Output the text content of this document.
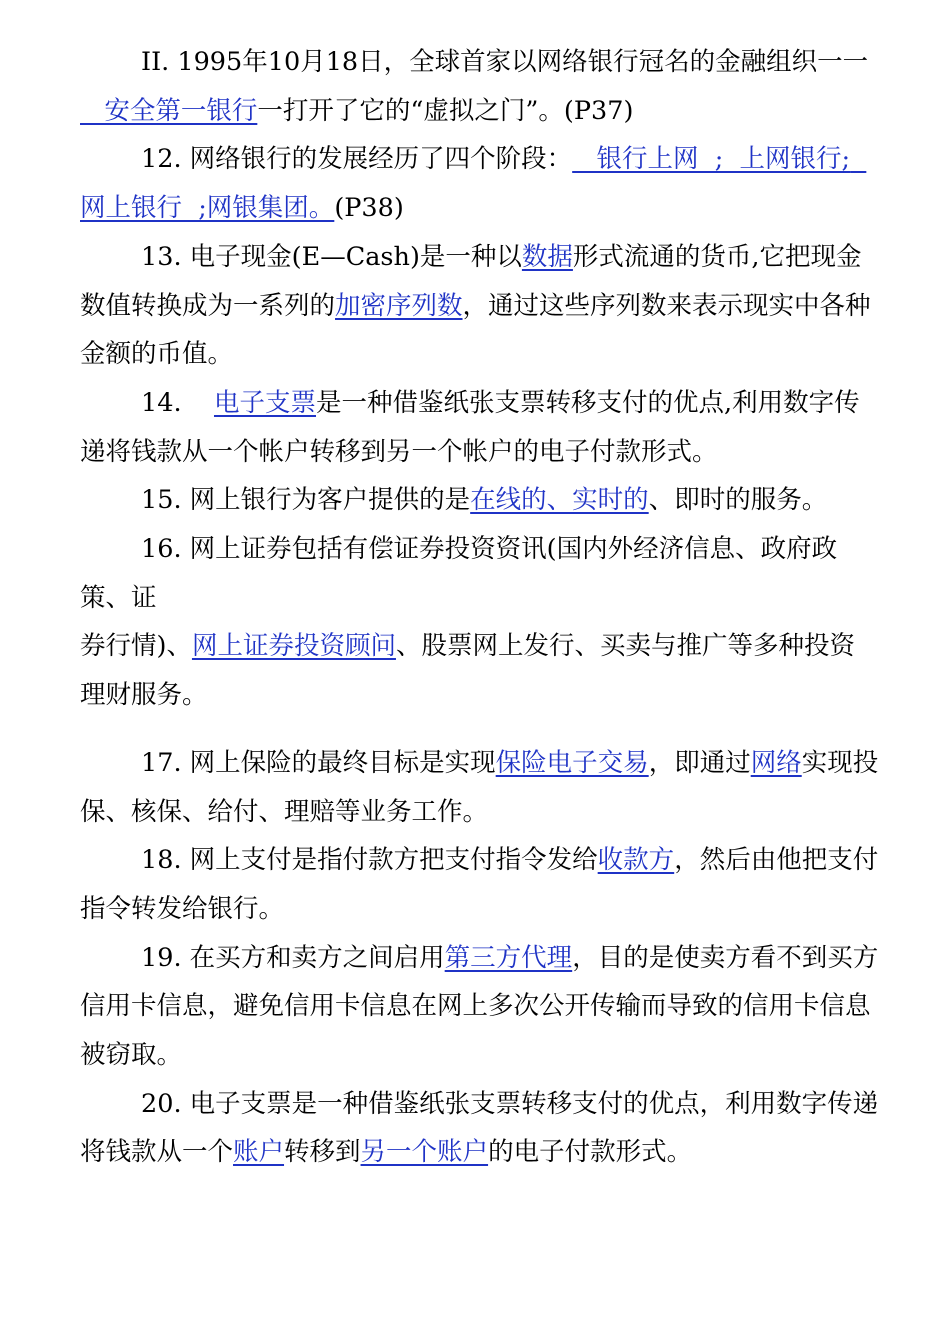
II. 1995年10月18日，全球首家以网络银行冠名的金融组织一一   安全第一银行一打开了它的“虚拟之门”。(P37)

12. 网络银行的发展经历了四个阶段：   银行上网  ;  上网银行;  网上银行  ;网银集团。(P38)

13. 电子现金(E—Cash)是一种以数据形式流通的货币,它把现金数值转换成为一系列的加密序列数，通过这些序列数来表示现实中各种金额的币值。

14.    电子支票是一种借鉴纸张支票转移支付的优点,利用数字传递将钱款从一个帐户转移到另一个帐户的电子付款形式。

15. 网上银行为客户提供的是在线的、实时的、即时的服务。

16. 网上证券包括有偿证券投资资讯(国内外经济信息、政府政策、证

券行情)、网上证券投资顾问、股票网上发行、买卖与推广等多种投资理财服务。

17. 网上保险的最终目标是实现保险电子交易，即通过网络实现投保、核保、给付、理赔等业务工作。

18. 网上支付是指付款方把支付指令发给收款方，然后由他把支付指令转发给银行。

19. 在买方和卖方之间启用第三方代理，目的是使卖方看不到买方信用卡信息，避免信用卡信息在网上多次公开传输而导致的信用卡信息被窃取。

20. 电子支票是一种借鉴纸张支票转移支付的优点，利用数字传递将钱款从一个账户转移到另一个账户的电子付款形式。
